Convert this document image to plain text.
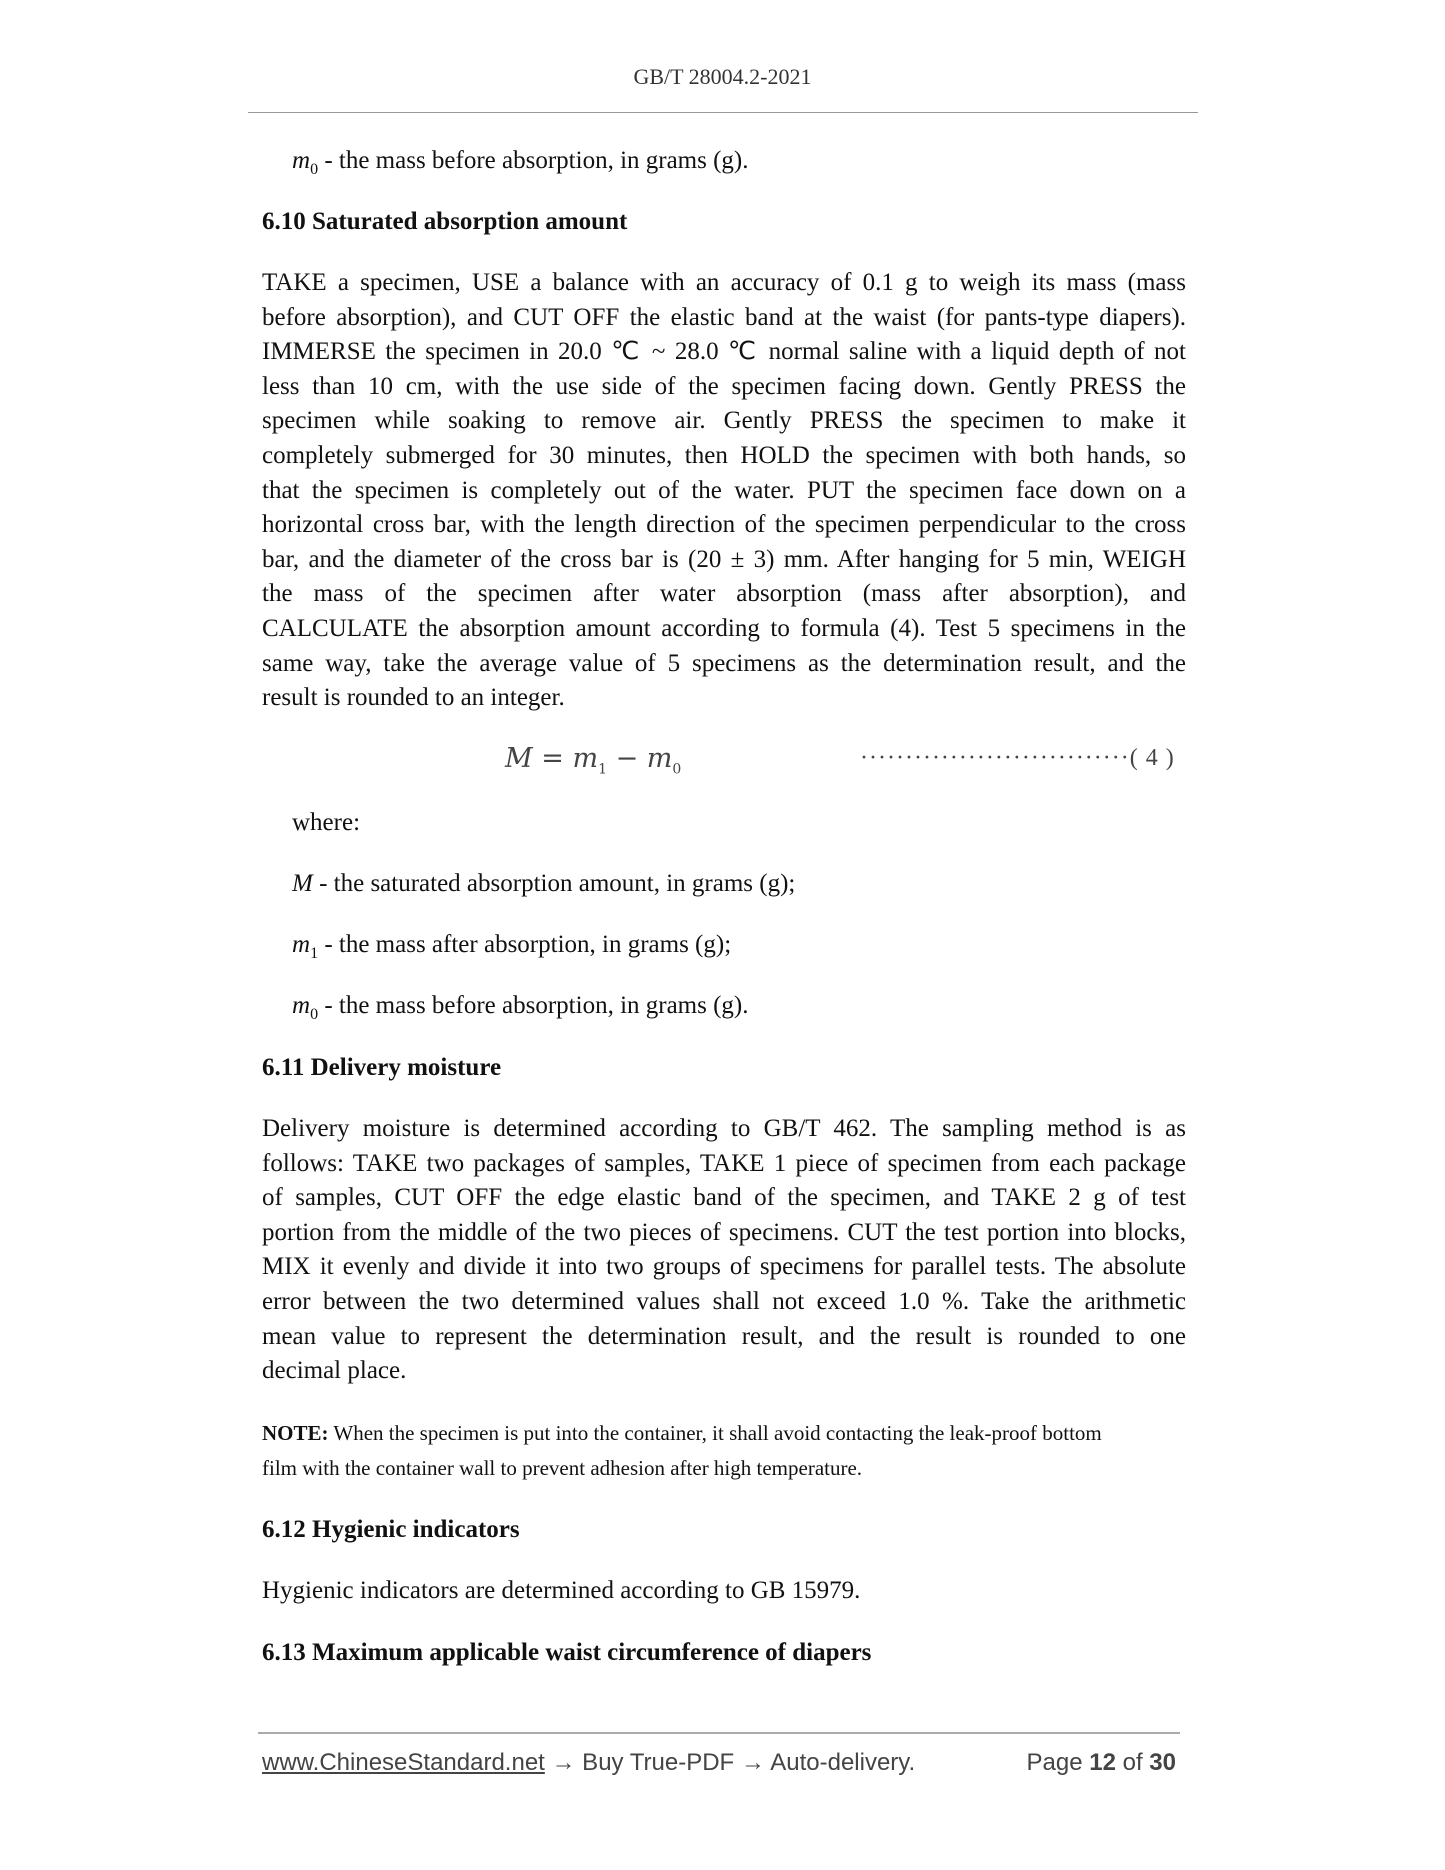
GB/T 28004.2-2021
$m_0$ - the mass before absorption, in grams (g).
6.10 Saturated absorption amount
TAKE a specimen, USE a balance with an accuracy of 0.1 g to weigh its mass (mass
before absorption), and CUT OFF the elastic band at the waist (for pants-type diapers).
IMMERSE the specimen in 20.0 ℃ ~ 28.0 ℃ normal saline with a liquid depth of not
less than 10 cm, with the use side of the specimen facing down. Gently PRESS the
specimen while soaking to remove air. Gently PRESS the specimen to make it
completely submerged for 30 minutes, then HOLD the specimen with both hands, so
that the specimen is completely out of the water. PUT the specimen face down on a
horizontal cross bar, with the length direction of the specimen perpendicular to the cross
bar, and the diameter of the cross bar is (20 ± 3) mm. After hanging for 5 min, WEIGH
the mass of the specimen after water absorption (mass after absorption), and
CALCULATE the absorption amount according to formula (4). Test 5 specimens in the
same way, take the average value of 5 specimens as the determination result, and the
result is rounded to an integer.
$M = m_1 - m_0$	······························( 4 )
where:
M - the saturated absorption amount, in grams (g);
$m_1$ - the mass after absorption, in grams (g);
$m_0$ - the mass before absorption, in grams (g).
6.11 Delivery moisture
Delivery moisture is determined according to GB/T 462. The sampling method is as
follows: TAKE two packages of samples, TAKE 1 piece of specimen from each package
of samples, CUT OFF the edge elastic band of the specimen, and TAKE 2 g of test
portion from the middle of the two pieces of specimens. CUT the test portion into blocks,
MIX it evenly and divide it into two groups of specimens for parallel tests. The absolute
error between the two determined values shall not exceed 1.0 %. Take the arithmetic
mean value to represent the determination result, and the result is rounded to one
decimal place.
NOTE: When the specimen is put into the container, it shall avoid contacting the leak-proof bottom
film with the container wall to prevent adhesion after high temperature.
6.12 Hygienic indicators
Hygienic indicators are determined according to GB 15979.
6.13 Maximum applicable waist circumference of diapers
www.ChineseStandard.net → Buy True-PDF → Auto-delivery.	Page 12 of 30
